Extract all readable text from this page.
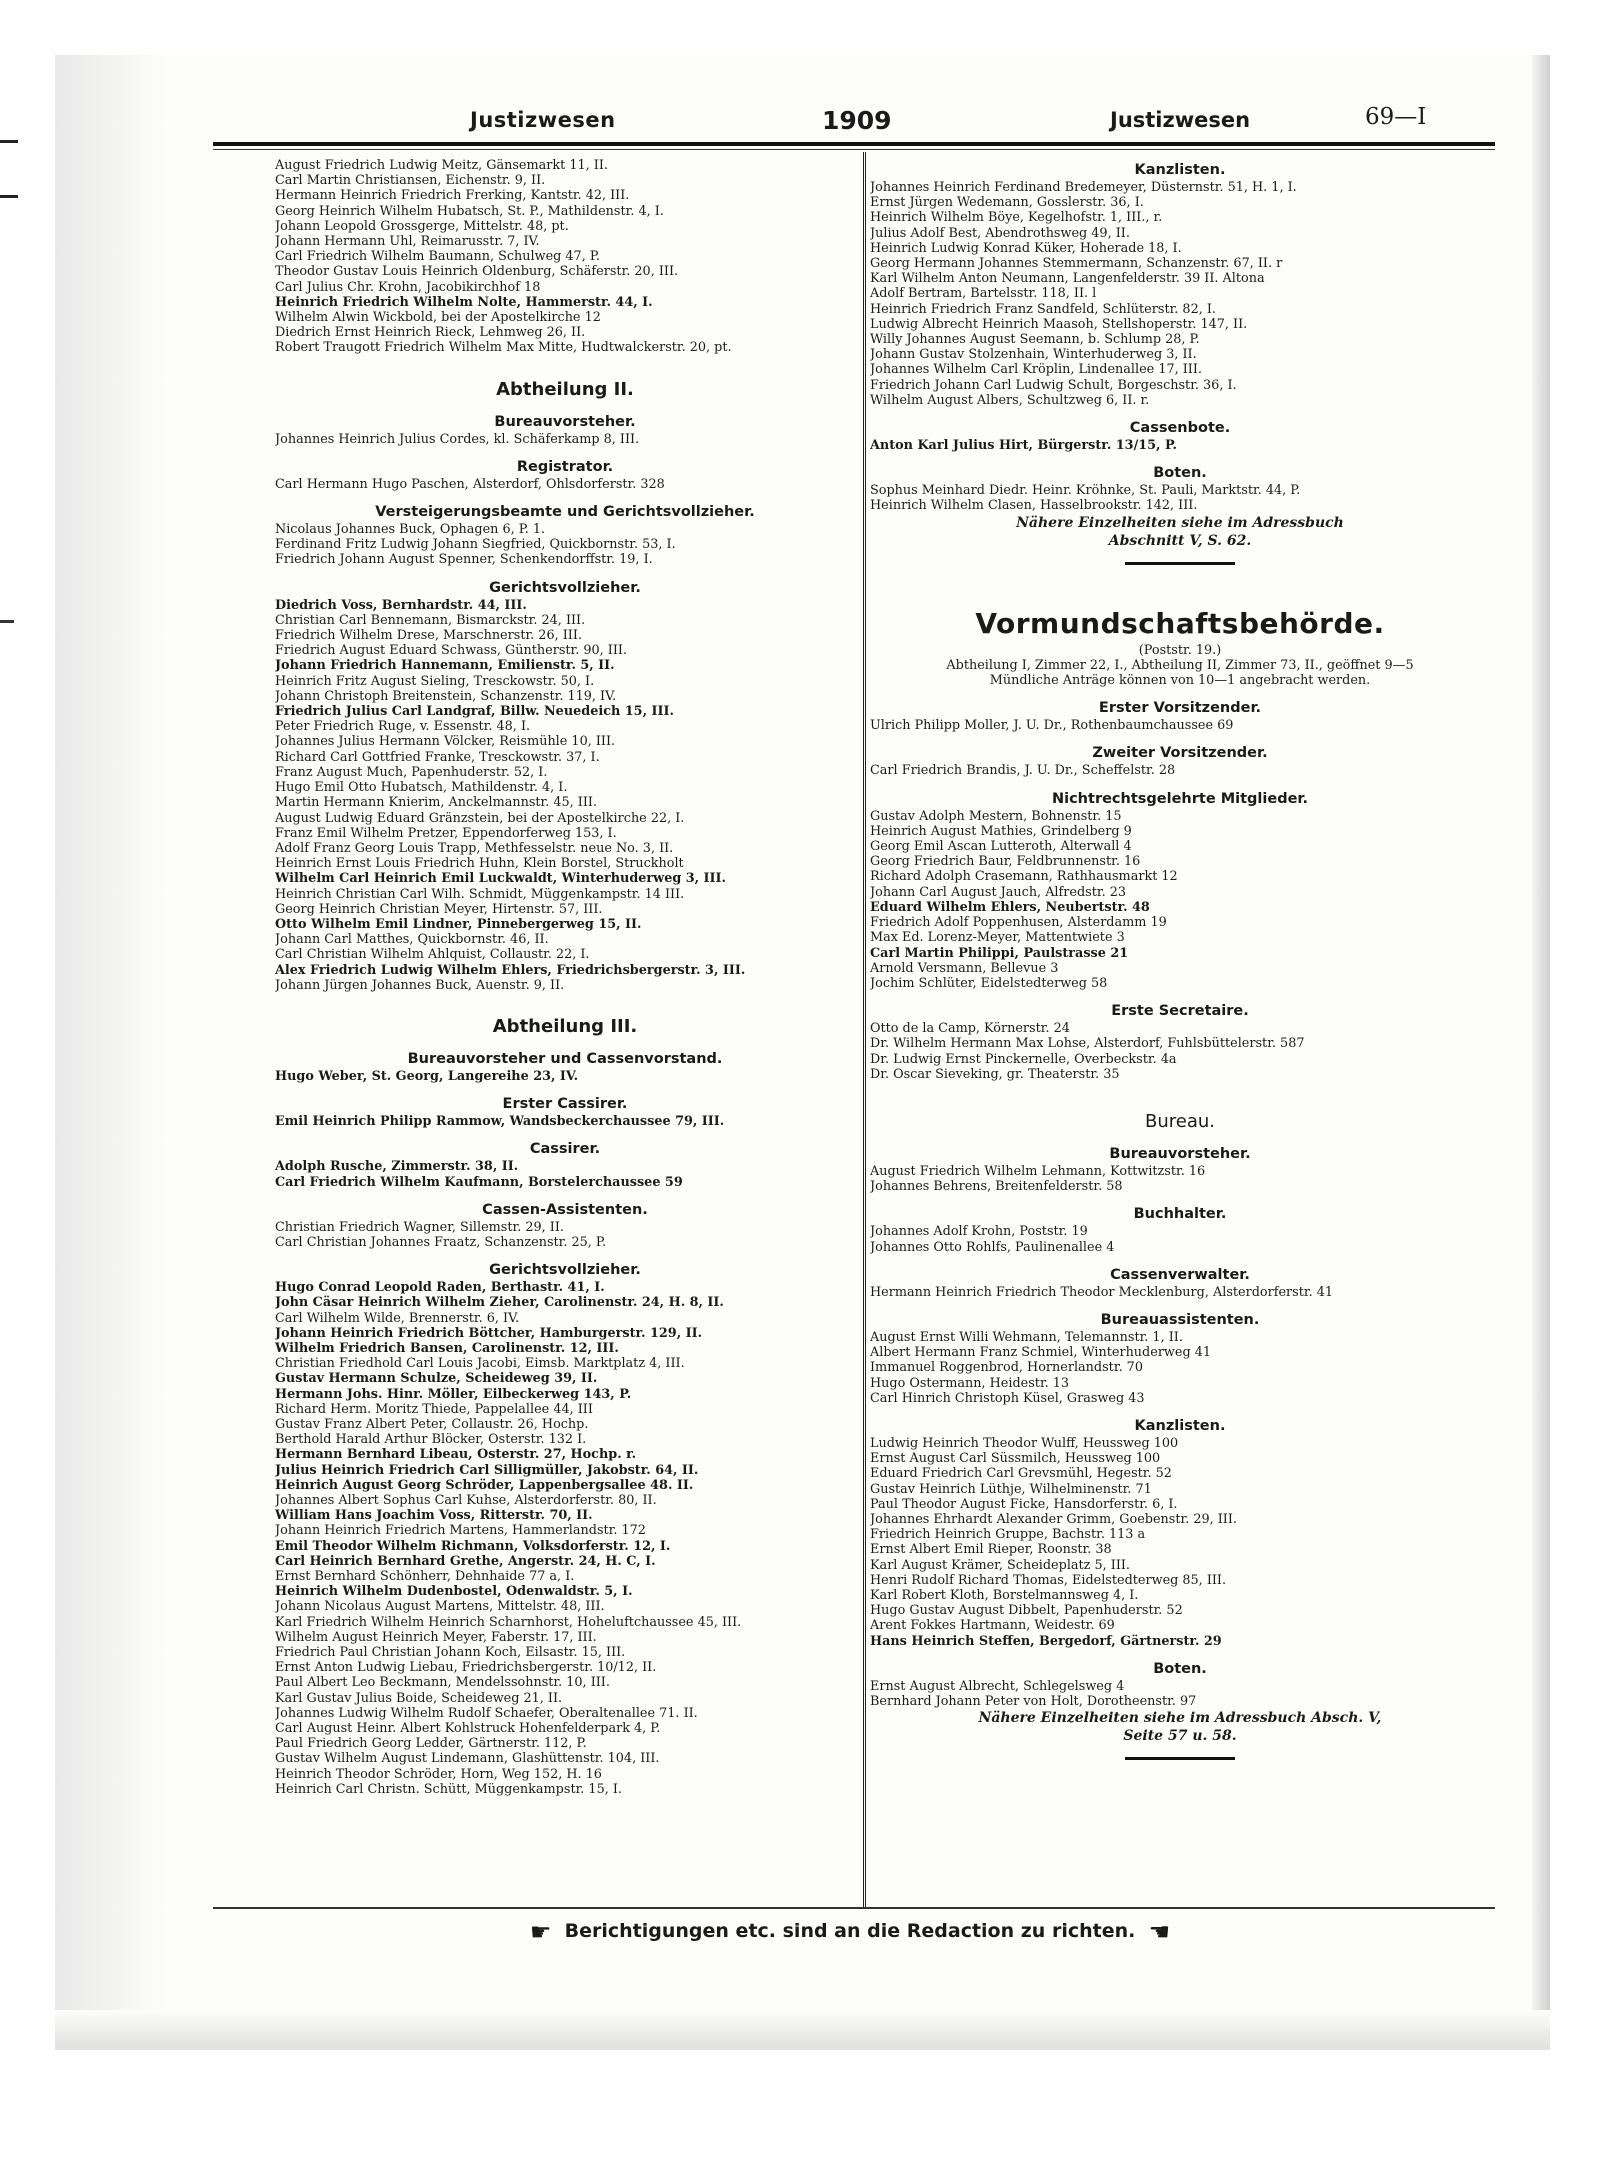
Justizwesen	1909	Justizwesen	69—I
August Friedrich Ludwig Meitz, Gänsemarkt 11, II.
Carl Martin Christiansen, Eichenstr. 9, II.
Hermann Heinrich Friedrich Frerking, Kantstr. 42, III.
Georg Heinrich Wilhelm Hubatsch, St. P., Mathildenstr. 4, I.
Johann Leopold Grossgerge, Mittelstr. 48, pt.
Johann Hermann Uhl, Reimarusstr. 7, IV.
Carl Friedrich Wilhelm Baumann, Schulweg 47, P.
Theodor Gustav Louis Heinrich Oldenburg, Schäferstr. 20, III.
Carl Julius Chr. Krohn, Jacobikirchhof 18
Heinrich Friedrich Wilhelm Nolte, Hammerstr. 44, I.
Wilhelm Alwin Wickbold, bei der Apostelkirche 12
Diedrich Ernst Heinrich Rieck, Lehmweg 26, II.
Robert Traugott Friedrich Wilhelm Max Mitte, Hudtwalckerstr. 20, pt.
Abtheilung II.
Bureauvorsteher.
Johannes Heinrich Julius Cordes, kl. Schäferkamp 8, III.
Registrator.
Carl Hermann Hugo Paschen, Alsterdorf, Ohlsdorferstr. 328
Versteigerungsbeamte und Gerichtsvollzieher.
Nicolaus Johannes Buck, Ophagen 6, P. 1.
Ferdinand Fritz Ludwig Johann Siegfried, Quickbornstr. 53, I.
Friedrich Johann August Spenner, Schenkendorffstr. 19, I.
Gerichtsvollzieher.
Diedrich Voss, Bernhardstr. 44, III.
Christian Carl Bennemann, Bismarckstr. 24, III.
Friedrich Wilhelm Drese, Marschnerstr. 26, III.
Friedrich August Eduard Schwass, Güntherstr. 90, III.
Johann Friedrich Hannemann, Emilienstr. 5, II.
Heinrich Fritz August Sieling, Tresckowstr. 50, I.
Johann Christoph Breitenstein, Schanzenstr. 119, IV.
Friedrich Julius Carl Landgraf, Billw. Neuedeich 15, III.
Peter Friedrich Ruge, v. Essenstr. 48, I.
Johannes Julius Hermann Völcker, Reismühle 10, III.
Richard Carl Gottfried Franke, Tresckowstr. 37, I.
Franz August Much, Papenhuderstr. 52, I.
Hugo Emil Otto Hubatsch, Mathildenstr. 4, I.
Martin Hermann Knierim, Anckelmannstr. 45, III.
August Ludwig Eduard Gränzstein, bei der Apostelkirche 22, I.
Franz Emil Wilhelm Pretzer, Eppendorferweg 153, I.
Adolf Franz Georg Louis Trapp, Methfesselstr. neue No. 3, II.
Heinrich Ernst Louis Friedrich Huhn, Klein Borstel, Struckholt
Wilhelm Carl Heinrich Emil Luckwaldt, Winterhuderweg 3, III.
Heinrich Christian Carl Wilh. Schmidt, Müggenkampstr. 14 III.
Georg Heinrich Christian Meyer, Hirtenstr. 57, III.
Otto Wilhelm Emil Lindner, Pinnebergerweg 15, II.
Johann Carl Matthes, Quickbornstr. 46, II.
Carl Christian Wilhelm Ahlquist, Collaustr. 22, I.
Alex Friedrich Ludwig Wilhelm Ehlers, Friedrichsbergerstr. 3, III.
Johann Jürgen Johannes Buck, Auenstr. 9, II.
Abtheilung III.
Bureauvorsteher und Cassenvorstand.
Hugo Weber, St. Georg, Langereihe 23, IV.
Erster Cassirer.
Emil Heinrich Philipp Rammow, Wandsbeckerchaussee 79, III.
Cassirer.
Adolph Rusche, Zimmerstr. 38, II.
Carl Friedrich Wilhelm Kaufmann, Borstelerchaussee 59
Cassen-Assistenten.
Christian Friedrich Wagner, Sillemstr. 29, II.
Carl Christian Johannes Fraatz, Schanzenstr. 25, P.
Gerichtsvollzieher.
Hugo Conrad Leopold Raden, Berthastr. 41, I.
John Cäsar Heinrich Wilhelm Zieher, Carolinenstr. 24, H. 8, II.
Carl Wilhelm Wilde, Brennerstr. 6, IV.
Johann Heinrich Friedrich Böttcher, Hamburgerstr. 129, II.
Wilhelm Friedrich Bansen, Carolinenstr. 12, III.
Christian Friedhold Carl Louis Jacobi, Eimsb. Marktplatz 4, III.
Gustav Hermann Schulze, Scheideweg 39, II.
Hermann Johs. Hinr. Möller, Eilbeckerweg 143, P.
Richard Herm. Moritz Thiede, Pappelallee 44, III
Gustav Franz Albert Peter, Collaustr. 26, Hochp.
Berthold Harald Arthur Blöcker, Osterstr. 132 I.
Hermann Bernhard Libeau, Osterstr. 27, Hochp. r.
Julius Heinrich Friedrich Carl Silligmüller, Jakobstr. 64, II.
Heinrich August Georg Schröder, Lappenbergsallee 48. II.
Johannes Albert Sophus Carl Kuhse, Alsterdorferstr. 80, II.
William Hans Joachim Voss, Ritterstr. 70, II.
Johann Heinrich Friedrich Martens, Hammerlandstr. 172
Emil Theodor Wilhelm Richmann, Volksdorferstr. 12, I.
Carl Heinrich Bernhard Grethe, Angerstr. 24, H. C, I.
Ernst Bernhard Schönherr, Dehnhaide 77 a, I.
Heinrich Wilhelm Dudenbostel, Odenwaldstr. 5, I.
Johann Nicolaus August Martens, Mittelstr. 48, III.
Karl Friedrich Wilhelm Heinrich Scharnhorst, Hoheluftchaussee 45, III.
Wilhelm August Heinrich Meyer, Faberstr. 17, III.
Friedrich Paul Christian Johann Koch, Eilsastr. 15, III.
Ernst Anton Ludwig Liebau, Friedrichsbergerstr. 10/12, II.
Paul Albert Leo Beckmann, Mendelssohnstr. 10, III.
Karl Gustav Julius Boide, Scheideweg 21, II.
Johannes Ludwig Wilhelm Rudolf Schaefer, Oberaltenallee 71. II.
Carl August Heinr. Albert Kohlstruck Hohenfelderpark 4, P.
Paul Friedrich Georg Ledder, Gärtnerstr. 112, P.
Gustav Wilhelm August Lindemann, Glashüttenstr. 104, III.
Heinrich Theodor Schröder, Horn, Weg 152, H. 16
Heinrich Carl Christn. Schütt, Müggenkampstr. 15, I.
Kanzlisten.
Johannes Heinrich Ferdinand Bredemeyer, Düsternstr. 51, H. 1, I.
Ernst Jürgen Wedemann, Gosslerstr. 36, I.
Heinrich Wilhelm Böye, Kegelhofstr. 1, III., r.
Julius Adolf Best, Abendrothsweg 49, II.
Heinrich Ludwig Konrad Küker, Hoherade 18, I.
Georg Hermann Johannes Stemmermann, Schanzenstr. 67, II. r
Karl Wilhelm Anton Neumann, Langenfelderstr. 39 II. Altona
Adolf Bertram, Bartelsstr. 118, II. l
Heinrich Friedrich Franz Sandfeld, Schlüterstr. 82, I.
Ludwig Albrecht Heinrich Maasoh, Stellshoperstr. 147, II.
Willy Johannes August Seemann, b. Schlump 28, P.
Johann Gustav Stolzenhain, Winterhuderweg 3, II.
Johannes Wilhelm Carl Kröplin, Lindenallee 17, III.
Friedrich Johann Carl Ludwig Schult, Borgeschstr. 36, I.
Wilhelm August Albers, Schultzweg 6, II. r.
Cassenbote.
Anton Karl Julius Hirt, Bürgerstr. 13/15, P.
Boten.
Sophus Meinhard Diedr. Heinr. Kröhnke, St. Pauli, Marktstr. 44, P.
Heinrich Wilhelm Clasen, Hasselbrookstr. 142, III.
Nähere Einzelheiten siehe im Adressbuch
Abschnitt V, S. 62.
Vormundschaftsbehörde.
(Poststr. 19.)
Abtheilung I, Zimmer 22, I., Abtheilung II, Zimmer 73, II., geöffnet 9—5
Mündliche Anträge können von 10—1 angebracht werden.
Erster Vorsitzender.
Ulrich Philipp Moller, J. U. Dr., Rothenbaumchaussee 69
Zweiter Vorsitzender.
Carl Friedrich Brandis, J. U. Dr., Scheffelstr. 28
Nichtrechtsgelehrte Mitglieder.
Gustav Adolph Mestern, Bohnenstr. 15
Heinrich August Mathies, Grindelberg 9
Georg Emil Ascan Lutteroth, Alterwall 4
Georg Friedrich Baur, Feldbrunnenstr. 16
Richard Adolph Crasemann, Rathhausmarkt 12
Johann Carl August Jauch, Alfredstr. 23
Eduard Wilhelm Ehlers, Neubertstr. 48
Friedrich Adolf Poppenhusen, Alsterdamm 19
Max Ed. Lorenz-Meyer, Mattentwiete 3
Carl Martin Philippi, Paulstrasse 21
Arnold Versmann, Bellevue 3
Jochim Schlüter, Eidelstedterweg 58
Erste Secretaire.
Otto de la Camp, Körnerstr. 24
Dr. Wilhelm Hermann Max Lohse, Alsterdorf, Fuhlsbüttelerstr. 587
Dr. Ludwig Ernst Pinckernelle, Overbeckstr. 4a
Dr. Oscar Sieveking, gr. Theaterstr. 35
Bureau.
Bureauvorsteher.
August Friedrich Wilhelm Lehmann, Kottwitzstr. 16
Johannes Behrens, Breitenfelderstr. 58
Buchhalter.
Johannes Adolf Krohn, Poststr. 19
Johannes Otto Rohlfs, Paulinenallee 4
Cassenverwalter.
Hermann Heinrich Friedrich Theodor Mecklenburg, Alsterdorferstr. 41
Bureauassistenten.
August Ernst Willi Wehmann, Telemannstr. 1, II.
Albert Hermann Franz Schmiel, Winterhuderweg 41
Immanuel Roggenbrod, Hornerlandstr. 70
Hugo Ostermann, Heidestr. 13
Carl Hinrich Christoph Küsel, Grasweg 43
Kanzlisten.
Ludwig Heinrich Theodor Wulff, Heussweg 100
Ernst August Carl Süssmilch, Heussweg 100
Eduard Friedrich Carl Grevsmühl, Hegestr. 52
Gustav Heinrich Lüthje, Wilhelminenstr. 71
Paul Theodor August Ficke, Hansdorferstr. 6, I.
Johannes Ehrhardt Alexander Grimm, Goebenstr. 29, III.
Friedrich Heinrich Gruppe, Bachstr. 113 a
Ernst Albert Emil Rieper, Roonstr. 38
Karl August Krämer, Scheideplatz 5, III.
Henri Rudolf Richard Thomas, Eidelstedterweg 85, III.
Karl Robert Kloth, Borstelmannsweg 4, I.
Hugo Gustav August Dibbelt, Papenhuderstr. 52
Arent Fokkes Hartmann, Weidestr. 69
Hans Heinrich Steffen, Bergedorf, Gärtnerstr. 29
Boten.
Ernst August Albrecht, Schlegelsweg 4
Bernhard Johann Peter von Holt, Dorotheenstr. 97
Nähere Einzelheiten siehe im Adressbuch Absch. V,
Seite 57 u. 58.
☛ Berichtigungen etc. sind an die Redaction zu richten. ☚
